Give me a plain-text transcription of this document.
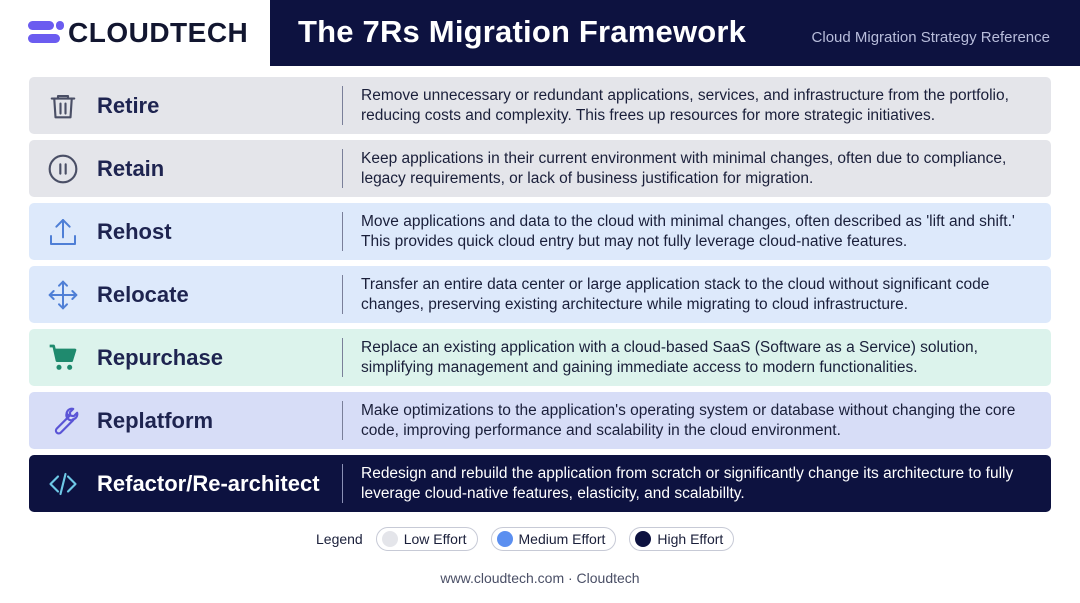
CLOUDTECH The 7Rs Migration Framework	Cloud Migration Strategy Reference
Retire	Remove unnecessary or redundant applications, services, and infrastructure from the portfolio, reducing costs and complexity. This frees up resources for more strategic initiatives.

Retain	Keep applications in their current environment with minimal changes, often due to compliance, legacy requirements, or lack of business justification for migration.

Rehost	Move applications and data to the cloud with minimal changes, often described as 'lift and shift.' This provides quick cloud entry but may not fully leverage cloud-native features.

Relocate	Transfer an entire data center or large application stack to the cloud without significant code changes, preserving existing architecture while migrating to cloud infrastructure.

Repurchase	Replace an existing application with a cloud-based SaaS (Software as a Service) solution, simplifying management and gaining immediate access to modern functionalities.

Replatform	Make optimizations to the application's operating system or database without changing the core code, improving performance and scalability in the cloud environment.

Refactor/Re-architect	Redesign and rebuild the application from scratch or significantly change its architecture to fully leverage cloud-native features, elasticity, and scalabillty.

Legend	Low Effort	Medium Effort	High Effort
www.cloudtech.com · Cloudtech
